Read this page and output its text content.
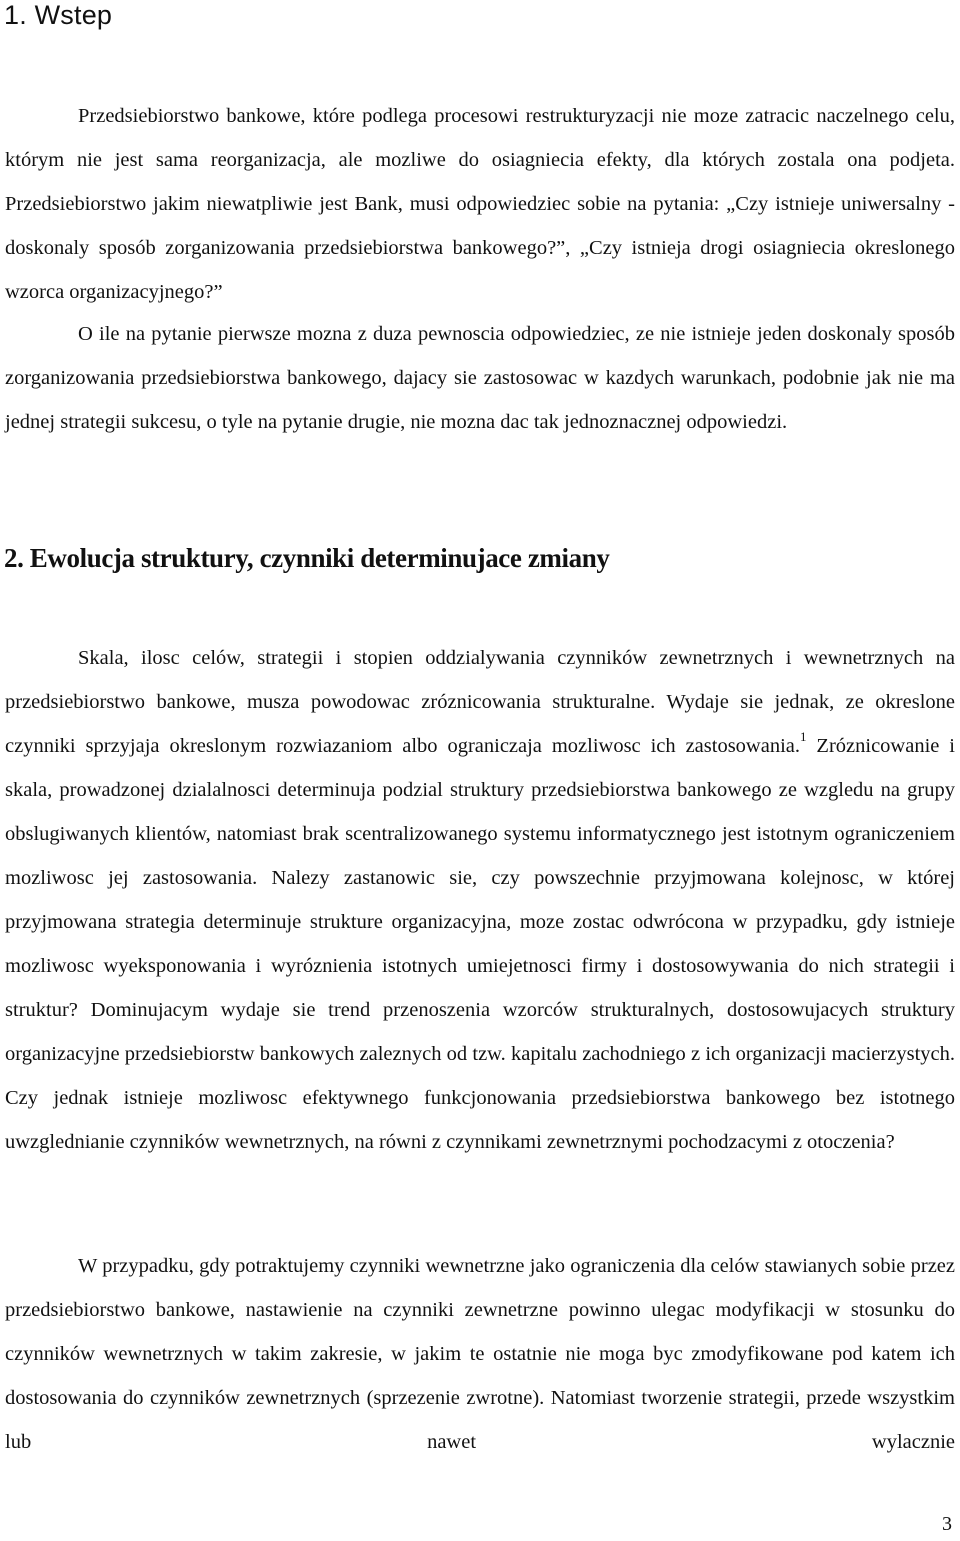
1. Wstep

Przedsiebiorstwo bankowe, które podlega procesowi restrukturyzacji nie moze zatracic naczelnego celu, którym nie jest sama reorganizacja, ale mozliwe do osiagniecia efekty, dla których zostala ona podjeta. Przedsiebiorstwo jakim niewatpliwie jest Bank, musi odpowiedziec sobie na pytania: „Czy istnieje uniwersalny - doskonaly sposób zorganizowania przedsiebiorstwa bankowego?”, „Czy istnieja drogi osiagniecia okreslonego wzorca organizacyjnego?”

O ile na pytanie pierwsze mozna z duza pewnoscia odpowiedziec, ze nie istnieje jeden doskonaly sposób zorganizowania przedsiebiorstwa bankowego, dajacy sie zastosowac w kazdych warunkach, podobnie jak nie ma jednej strategii sukcesu, o tyle na pytanie drugie, nie mozna dac tak jednoznacznej odpowiedzi.

2. Ewolucja struktury, czynniki determinujace zmiany

Skala, ilosc celów, strategii i stopien oddzialywania czynników zewnetrznych i wewnetrznych na przedsiebiorstwo bankowe, musza powodowac zróznicowania strukturalne. Wydaje sie jednak, ze okreslone czynniki sprzyjaja okreslonym rozwiazaniom albo ograniczaja mozliwosc ich zastosowania.$^1$ Zróznicowanie i skala, prowadzonej dzialalnosci determinuja podzial struktury przedsiebiorstwa bankowego ze wzgledu na grupy obslugiwanych klientów, natomiast brak scentralizowanego systemu informatycznego jest istotnym ograniczeniem mozliwosc jej zastosowania. Nalezy zastanowic sie, czy powszechnie przyjmowana kolejnosc, w której przyjmowana strategia determinuje strukture organizacyjna, moze zostac odwrócona w przypadku, gdy istnieje mozliwosc wyeksponowania i wyróznienia istotnych umiejetnosci firmy i dostosowywania do nich strategii i struktur? Dominujacym wydaje sie trend przenoszenia wzorców strukturalnych, dostosowujacych struktury organizacyjne przedsiebiorstw bankowych zaleznych od tzw. kapitalu zachodniego z ich organizacji macierzystych. Czy jednak istnieje mozliwosc efektywnego funkcjonowania przedsiebiorstwa bankowego bez istotnego uwzglednianie czynników wewnetrznych, na równi z czynnikami zewnetrznymi pochodzacymi z otoczenia?

W przypadku, gdy potraktujemy czynniki wewnetrzne jako ograniczenia dla celów stawianych sobie przez przedsiebiorstwo bankowe, nastawienie na czynniki zewnetrzne powinno ulegac modyfikacji w stosunku do czynników wewnetrznych w takim zakresie, w jakim te ostatnie nie moga byc zmodyfikowane pod katem ich dostosowania do czynników zewnetrznych (sprzezenie zwrotne). Natomiast tworzenie strategii, przede wszystkim lub nawet wylacznie

3
